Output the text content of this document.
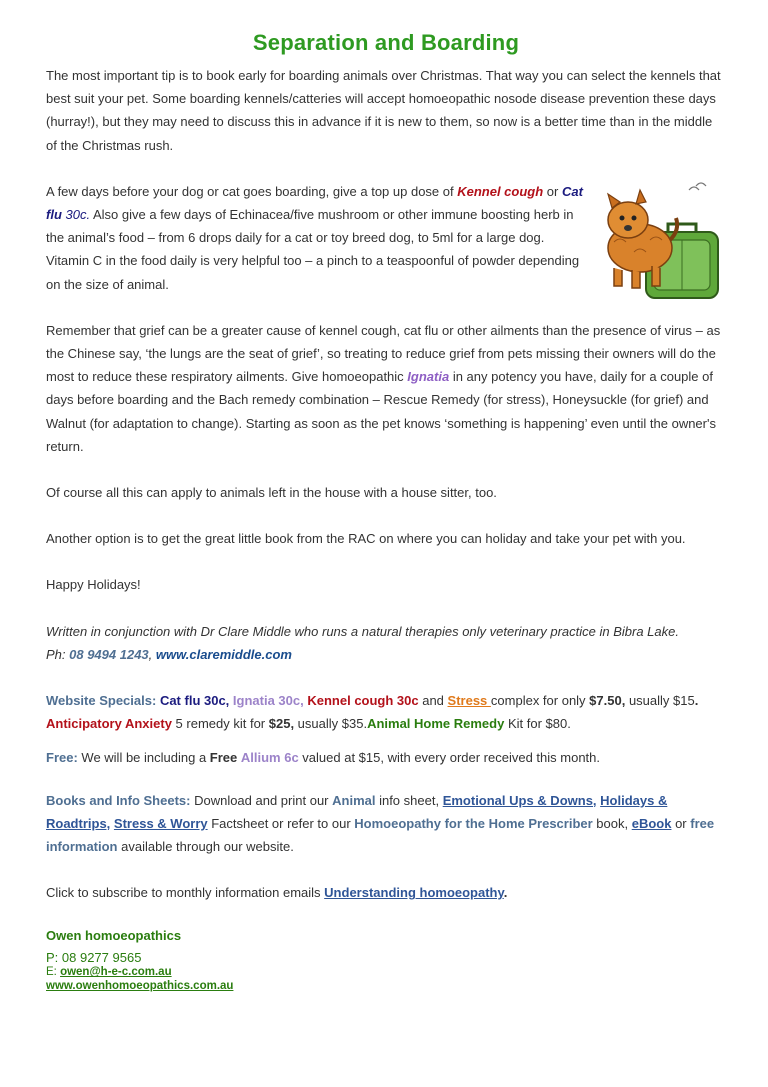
Separation and Boarding

The most important tip is to book early for boarding animals over Christmas. That way you can select the kennels that best suit your pet. Some boarding kennels/catteries will accept homoeopathic nosode disease prevention these days (hurray!), but they may need to discuss this in advance if it is new to them, so now is a better time than in the middle of the Christmas rush.

A few days before your dog or cat goes boarding, give a top up dose of Kennel cough or Cat flu 30c. Also give a few days of Echinacea/five mushroom or other immune boosting herb in the animal’s food – from 6 drops daily for a cat or toy breed dog, to 5ml for a large dog. Vitamin C in the food daily is very helpful too – a pinch to a teaspoonful of powder depending on the size of animal.

Remember that grief can be a greater cause of kennel cough, cat flu or other ailments than the presence of virus – as the Chinese say, ‘the lungs are the seat of grief’, so treating to reduce grief from pets missing their owners will do the most to reduce these respiratory ailments. Give homoeopathic Ignatia in any potency you have, daily for a couple of days before boarding and the Bach remedy combination – Rescue Remedy (for stress), Honeysuckle (for grief) and Walnut (for adaptation to change). Starting as soon as the pet knows ‘something is happening’ even until the owner's return.

Of course all this can apply to animals left in the house with a house sitter, too.

Another option is to get the great little book from the RAC on where you can holiday and take your pet with you.

Happy Holidays!

Written in conjunction with Dr Clare Middle who runs a natural therapies only veterinary practice in Bibra Lake.
Ph: 08 9494 1243, www.claremiddle.com

Website Specials: Cat flu 30c, Ignatia 30c, Kennel cough 30c and Stress complex for only $7.50, usually $15.  Anticipatory Anxiety 5 remedy kit for $25, usually $35.Animal Home Remedy Kit for $80.

Free: We will be including a Free Allium 6c valued at $15, with every order received this month.

Books and Info Sheets: Download and print our Animal info sheet, Emotional Ups & Downs, Holidays & Roadtrips, Stress & Worry Factsheet or refer to our Homoeopathy for the Home Prescriber book, eBook or free information available through our website.

Click to subscribe to monthly information emails Understanding homoeopathy.

Owen homoeopathics

P: 08 9277 9565

E: owen@h-e-c.com.au

www.owenhomoeopathics.com.au
